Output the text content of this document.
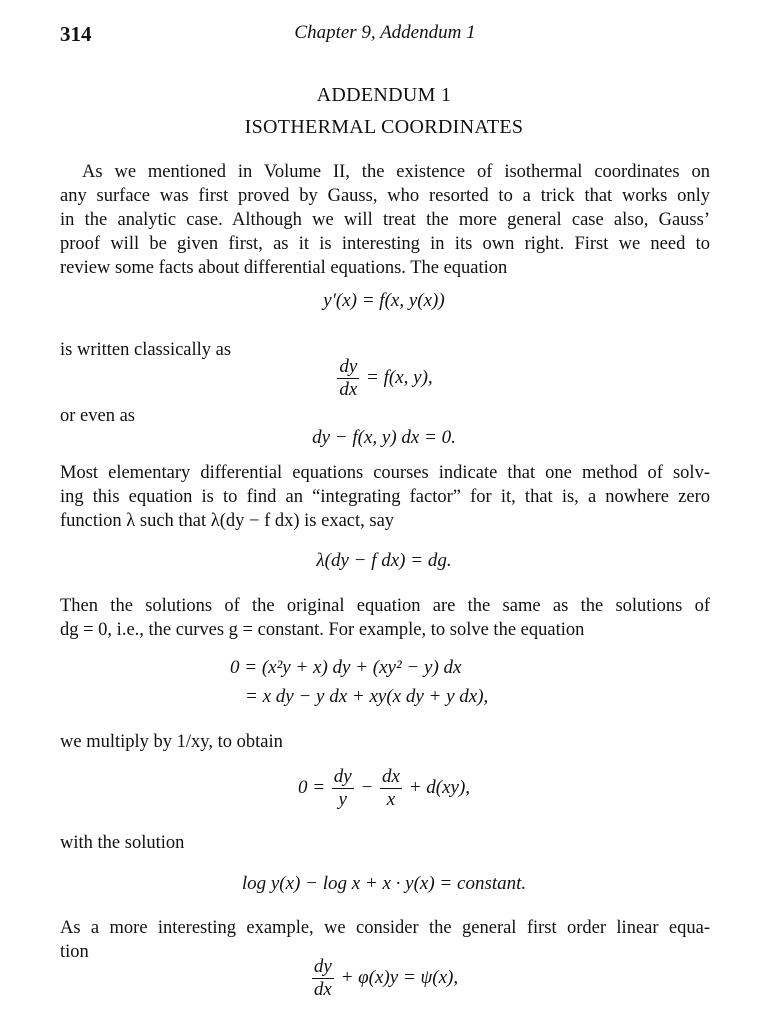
314	Chapter 9, Addendum 1
ADDENDUM 1
ISOTHERMAL COORDINATES
As we mentioned in Volume II, the existence of isothermal coordinates on
any surface was first proved by Gauss, who resorted to a trick that works only
in the analytic case. Although we will treat the more general case also, Gauss’
proof will be given first, as it is interesting in its own right. First we need to
review some facts about differential equations. The equation
y′(x) = f(x, y(x))
is written classically as
$\frac{dy}{dx} = f(x$, y),
or even as
dy − f(x, y) dx = 0.
Most elementary differential equations courses indicate that one method of solv-
ing this equation is to find an “integrating factor” for it, that is, a nowhere zero
function λ such that λ(dy − f dx) is exact, say
λ(dy − f dx) = dg.
Then the solutions of the original equation are the same as the solutions of
dg = 0, i.e., the curves g = constant. For example, to solve the equation
0 = (x²y + x) dy + (xy² − y) dx
= x dy − y dx + xy(x dy + y dx),
we multiply by 1/xy, to obtain
$0 = \frac{dy}{y} - \frac{dx}{x} + d(xy)$,
with the solution
log y(x) − log x + x · y(x) = constant.
As a more interesting example, we consider the general first order linear equa-
tion
$\frac{dy}{dx} + \varphi(x)y = \psi(x)$,
